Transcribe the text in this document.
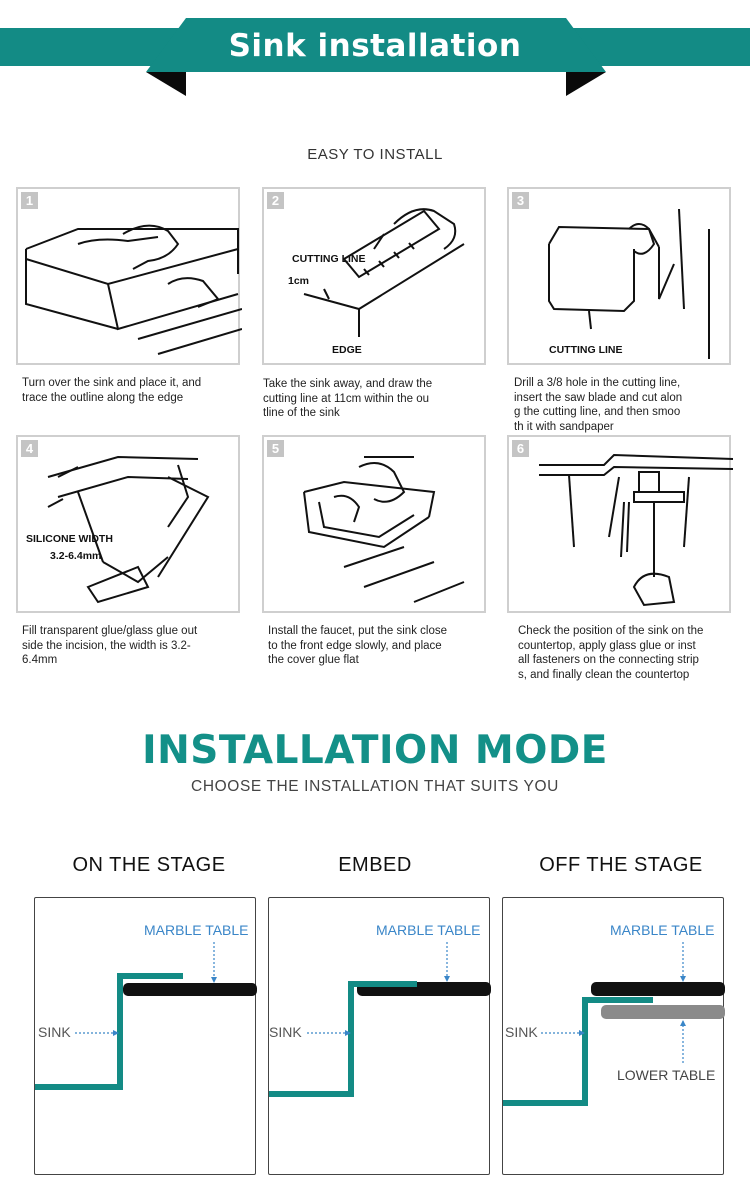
Sink installation
EASY TO INSTALL
1
Turn over the sink and place it, and
trace the outline along the edge
2
CUTTING LINE
1cm
EDGE
Take the sink away, and draw the
cutting line at 11cm within the ou
tline of the sink
3
CUTTING LINE
Drill a 3/8 hole in the cutting line,
insert the saw blade and cut alon
g the cutting line, and then smoo
th it with sandpaper
4
SILICONE WIDTH
3.2-6.4mm
Fill transparent glue/glass glue out
side the incision, the width is 3.2-
6.4mm
5
Install the faucet, put the sink close
to the front edge slowly, and place
the cover glue flat
6
Check the position of the sink on the
countertop, apply glass glue or inst
all fasteners on the connecting strip
s, and finally clean the countertop
INSTALLATION MODE
CHOOSE THE INSTALLATION THAT SUITS YOU
ON THE STAGE	EMBED	OFF THE STAGE
MARBLE TABLE
SINK
MARBLE TABLE
SINK
MARBLE TABLE
SINK
LOWER TABLE
